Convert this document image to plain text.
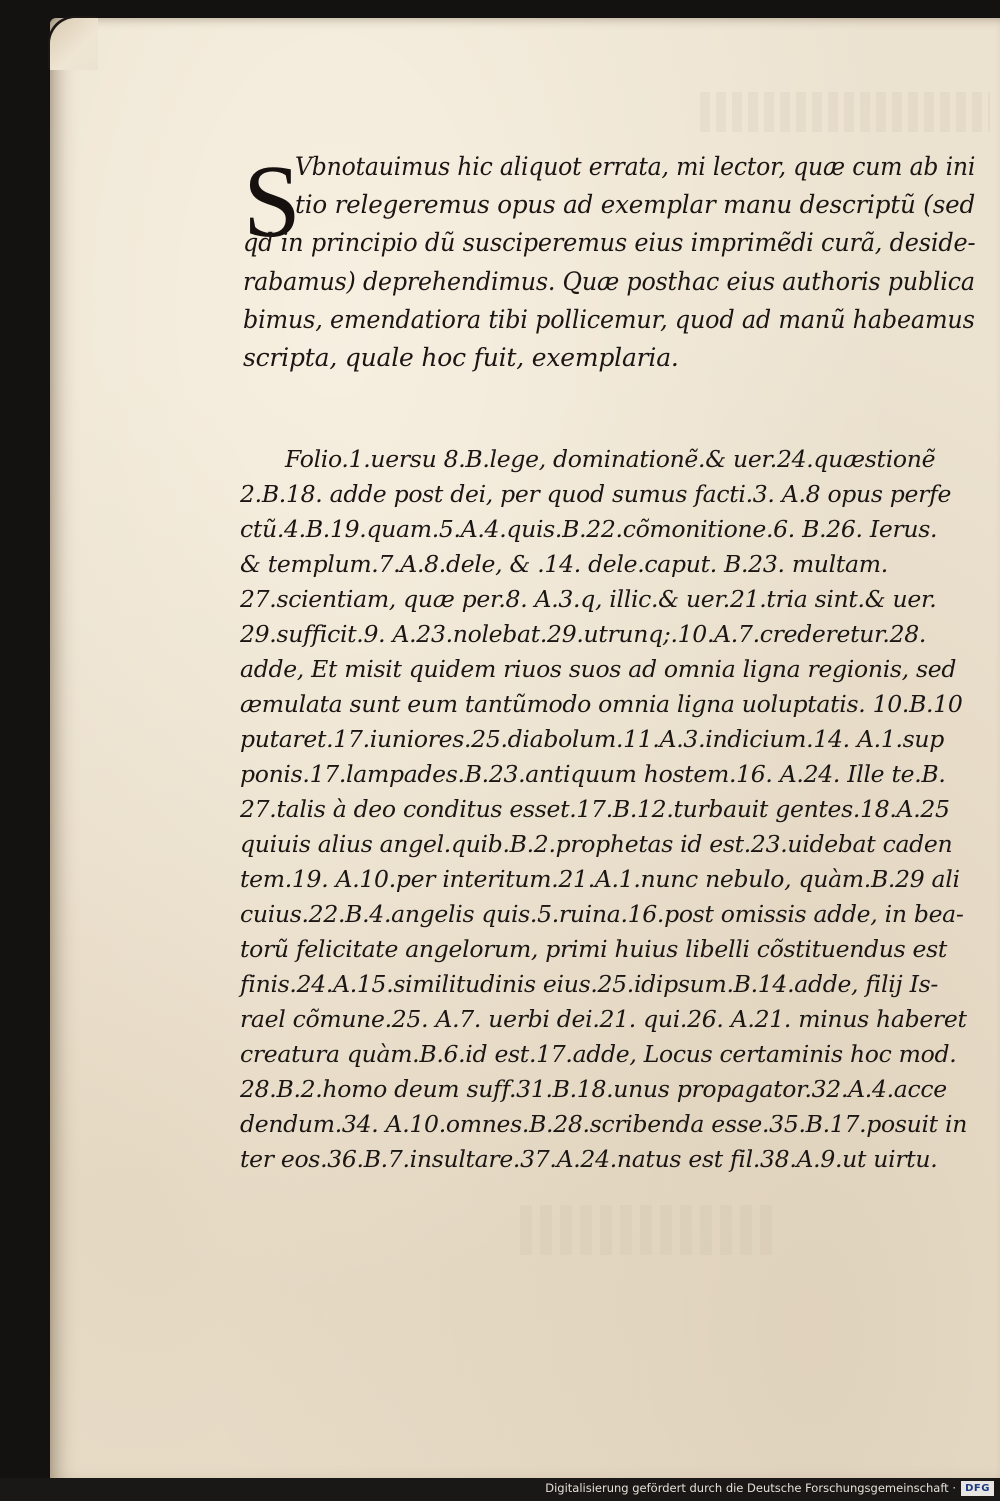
S
Vbnotauimus hic aliquot errata, mi lector, quæ cum ab ini
tio relegeremus opus ad exemplar manu descriptũ (sed
qđ in principio dũ susciperemus eius imprimẽdi curã, deside-
rabamus) deprehendimus. Quæ posthac eius authoris publica
bimus, emendatiora tibi pollicemur, quod ad manũ habeamus
scripta, quale hoc fuit, exemplaria.
Folio.1.uersu 8.B.lege, dominationẽ.& uer.24.quæstionẽ
2.B.18. adde post dei, per quod sumus facti.3. A.8 opus perfe
ctũ.4.B.19.quam.5.A.4.quis.B.22.cõmonitione.6. B.26. Ierus.
& templum.7.A.8.dele, & .14. dele.caput. B.23. multam.
27.scientiam, quæ per.8. A.3.q, illic.& uer.21.tria sint.& uer.
29.sufficit.9. A.23.nolebat.29.utrunq;.10.A.7.crederetur.28.
adde, Et misit quidem riuos suos ad omnia ligna regionis, sed
æmulata sunt eum tantũmodo omnia ligna uoluptatis. 10.B.10
putaret.17.iuniores.25.diabolum.11.A.3.indicium.14. A.1.sup
ponis.17.lampades.B.23.antiquum hostem.16. A.24. Ille te.B.
27.talis à deo conditus esset.17.B.12.turbauit gentes.18.A.25
quiuis alius angel.quib.B.2.prophetas id est.23.uidebat caden
tem.19. A.10.per interitum.21.A.1.nunc nebulo, quàm.B.29 ali
cuius.22.B.4.angelis quis.5.ruina.16.post omissis adde, in bea-
torũ felicitate angelorum, primi huius libelli cõstituendus est
finis.24.A.15.similitudinis eius.25.idipsum.B.14.adde, filij Is-
rael cõmune.25. A.7. uerbi dei.21. qui.26. A.21. minus haberet
creatura quàm.B.6.id est.17.adde, Locus certaminis hoc mod.
28.B.2.homo deum suff.31.B.18.unus propagator.32.A.4.acce
dendum.34. A.10.omnes.B.28.scribenda esse.35.B.17.posuit in
ter eos.36.B.7.insultare.37.A.24.natus est fil.38.A.9.ut uirtu.
Digitalisierung gefördert durch die Deutsche Forschungsgemeinschaft · DFG
